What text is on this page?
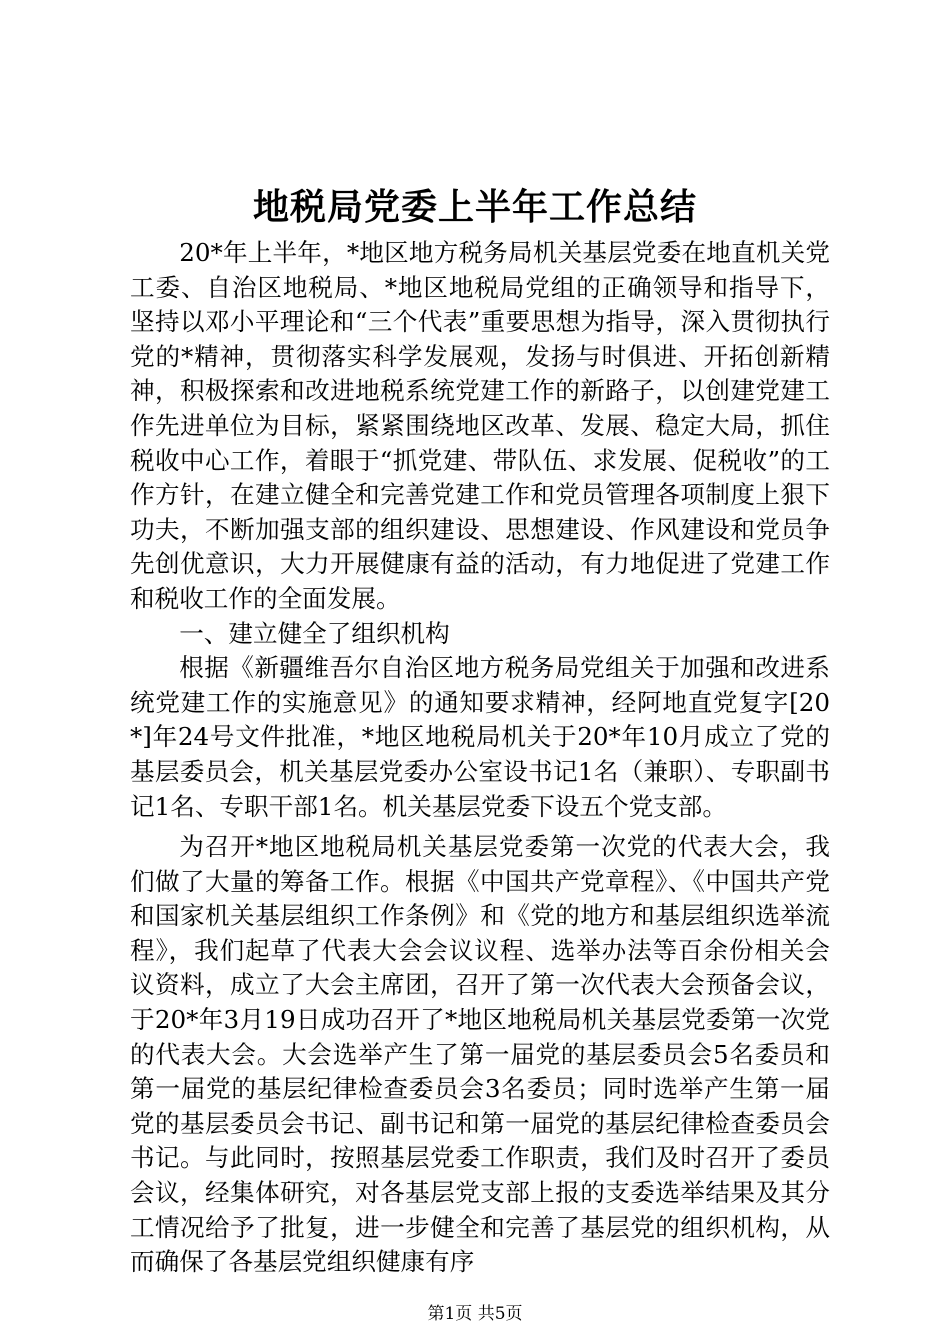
地税局党委上半年工作总结

20*年上半年，*地区地方税务局机关基层党委在地直机关党工委、自治区地税局、*地区地税局党组的正确领导和指导下，坚持以邓小平理论和“三个代表”重要思想为指导，深入贯彻执行党的*精神，贯彻落实科学发展观，发扬与时俱进、开拓创新精神，积极探索和改进地税系统党建工作的新路子，以创建党建工作先进单位为目标，紧紧围绕地区改革、发展、稳定大局，抓住税收中心工作，着眼于“抓党建、带队伍、求发展、促税收”的工作方针，在建立健全和完善党建工作和党员管理各项制度上狠下功夫，不断加强支部的组织建设、思想建设、作风建设和党员争先创优意识，大力开展健康有益的活动，有力地促进了党建工作和税收工作的全面发展。

一、建立健全了组织机构

根据《新疆维吾尔自治区地方税务局党组关于加强和改进系统党建工作的实施意见》的通知要求精神，经阿地直党复字[20*]年24号文件批准，*地区地税局机关于20*年10月成立了党的基层委员会，机关基层党委办公室设书记1名（兼职）、专职副书记1名、专职干部1名。机关基层党委下设五个党支部。

为召开*地区地税局机关基层党委第一次党的代表大会，我们做了大量的筹备工作。根据《中国共产党章程》、《中国共产党和国家机关基层组织工作条例》和《党的地方和基层组织选举流程》，我们起草了代表大会会议议程、选举办法等百余份相关会议资料，成立了大会主席团，召开了第一次代表大会预备会议，于20*年3月19日成功召开了*地区地税局机关基层党委第一次党的代表大会。大会选举产生了第一届党的基层委员会5名委员和第一届党的基层纪律检查委员会3名委员；同时选举产生第一届党的基层委员会书记、副书记和第一届党的基层纪律检查委员会书记。与此同时，按照基层党委工作职责，我们及时召开了委员会议，经集体研究，对各基层党支部上报的支委选举结果及其分工情况给予了批复，进一步健全和完善了基层党的组织机构，从而确保了各基层党组织健康有序

第1页 共5页
